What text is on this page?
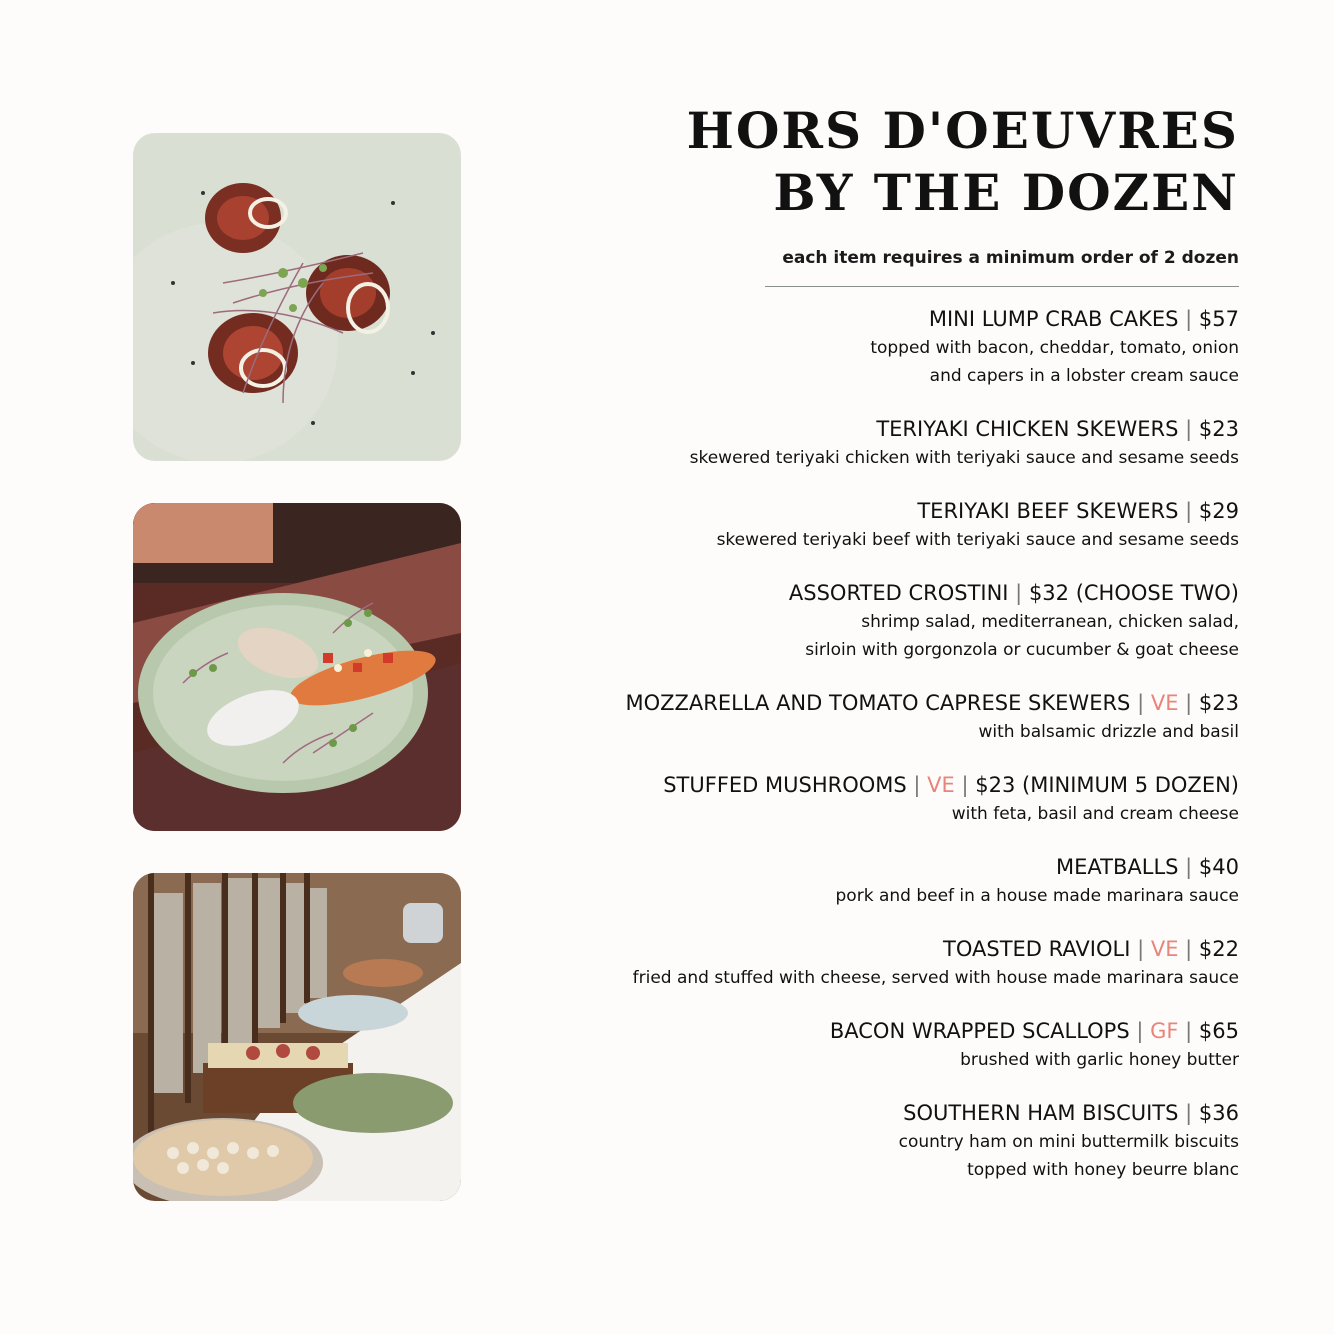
HORS D'OEUVRES
BY THE DOZEN
each item requires a minimum order of 2 dozen
MINI LUMP CRAB CAKES | $57
topped with bacon, cheddar, tomato, onion
and capers in a lobster cream sauce
TERIYAKI CHICKEN SKEWERS | $23
skewered teriyaki chicken with teriyaki sauce and sesame seeds
TERIYAKI BEEF SKEWERS | $29
skewered teriyaki beef with teriyaki sauce and sesame seeds
ASSORTED CROSTINI | $32 (CHOOSE TWO)
shrimp salad, mediterranean, chicken salad,
sirloin with gorgonzola or cucumber & goat cheese
MOZZARELLA AND TOMATO CAPRESE SKEWERS | VE | $23
with balsamic drizzle and basil
STUFFED MUSHROOMS | VE | $23 (MINIMUM 5 DOZEN)
with feta, basil and cream cheese
MEATBALLS | $40
pork and beef in a house made marinara sauce
TOASTED RAVIOLI | VE | $22
fried and stuffed with cheese, served with house made marinara sauce
BACON WRAPPED SCALLOPS | GF | $65
brushed with garlic honey butter
SOUTHERN HAM BISCUITS | $36
country ham on mini buttermilk biscuits
topped with honey beurre blanc
